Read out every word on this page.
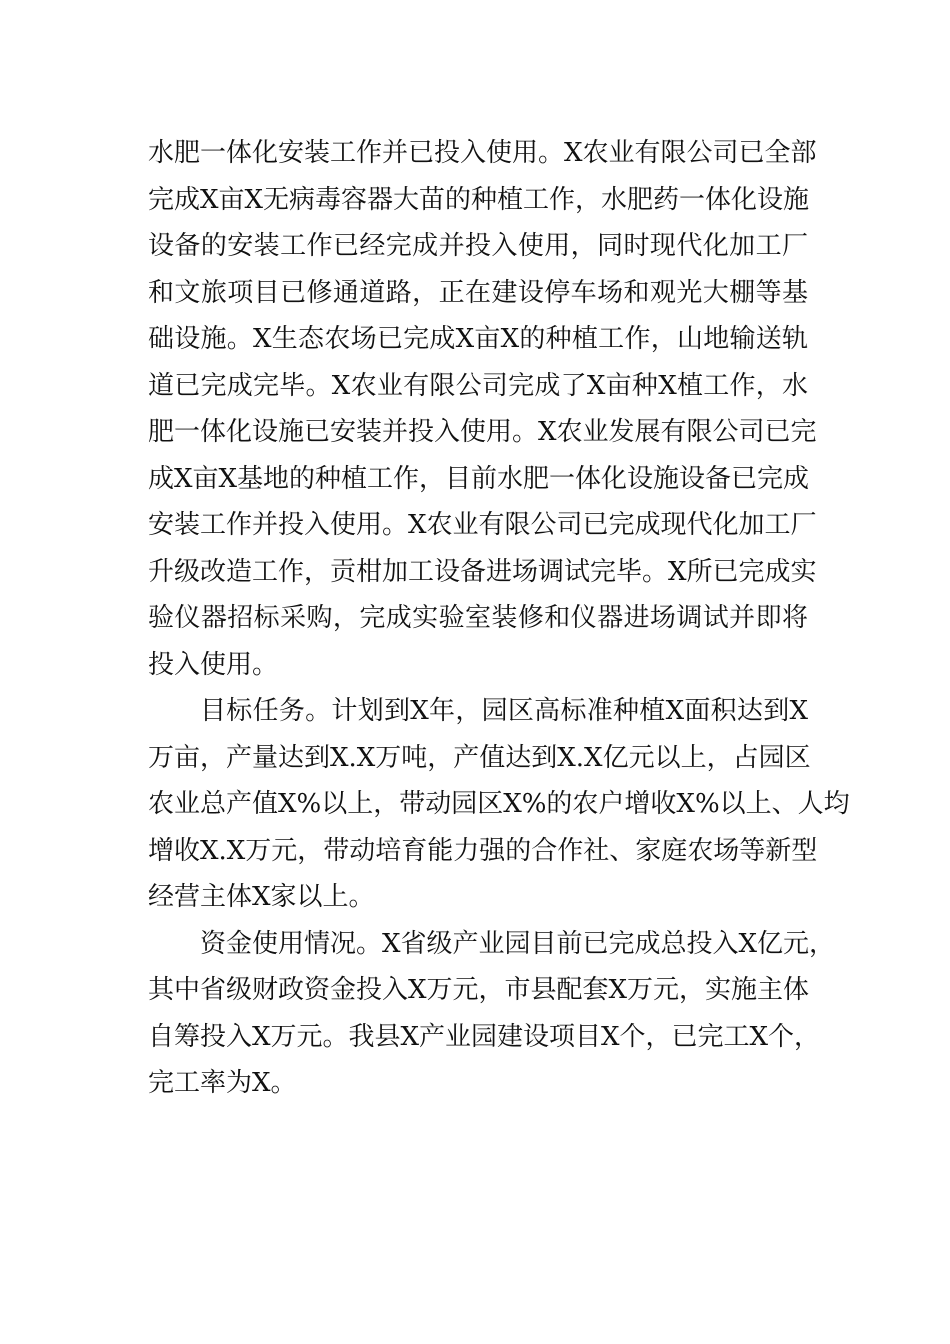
水肥一体化安装工作并已投入使用。X农业有限公司已全部
完成X亩X无病毒容器大苗的种植工作，水肥药一体化设施
设备的安装工作已经完成并投入使用，同时现代化加工厂
和文旅项目已修通道路，正在建设停车场和观光大棚等基
础设施。X生态农场已完成X亩X的种植工作，山地输送轨
道已完成完毕。X农业有限公司完成了X亩种X植工作，水
肥一体化设施已安装并投入使用。X农业发展有限公司已完
成X亩X基地的种植工作，目前水肥一体化设施设备已完成
安装工作并投入使用。X农业有限公司已完成现代化加工厂
升级改造工作，贡柑加工设备进场调试完毕。X所已完成实
验仪器招标采购，完成实验室装修和仪器进场调试并即将
投入使用。
目标任务。计划到X年，园区高标准种植X面积达到X
万亩，产量达到X.X万吨，产值达到X.X亿元以上，占园区
农业总产值X%以上，带动园区X%的农户增收X%以上、人均
增收X.X万元，带动培育能力强的合作社、家庭农场等新型
经营主体X家以上。
资金使用情况。X省级产业园目前已完成总投入X亿元，
其中省级财政资金投入X万元，市县配套X万元，实施主体
自筹投入X万元。我县X产业园建设项目X个，已完工X个，
完工率为X。
